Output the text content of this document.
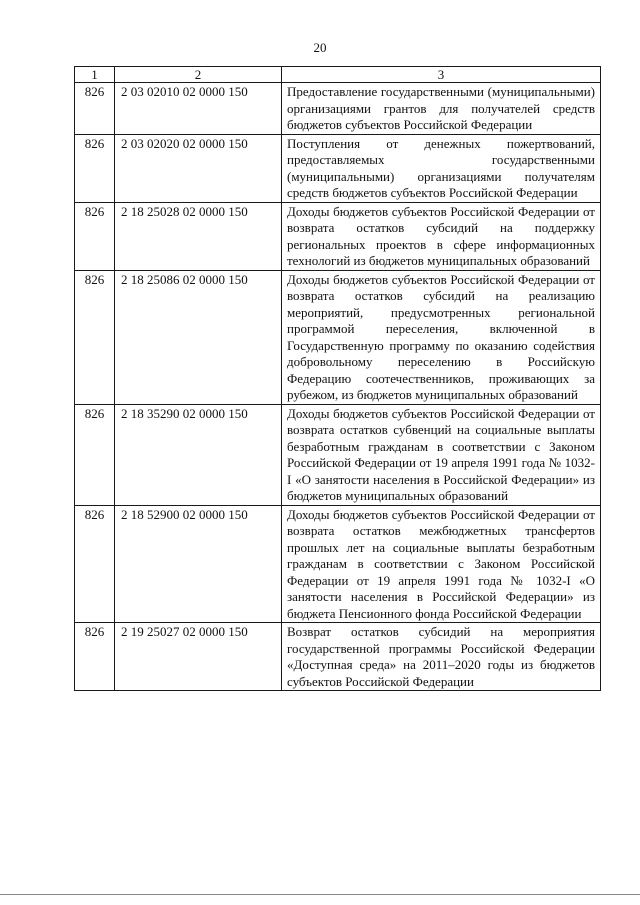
20
1	2	3
826	2 03 02010 02 0000 150	Предоставление государственными (муниципальными) организациями грантов для получателей средств бюджетов субъектов Российской Федерации
826	2 03 02020 02 0000 150	Поступления от денежных пожертвований, предоставляемых государственными (муниципальными) организациями получателям средств бюджетов субъектов Российской Федерации
826	2 18 25028 02 0000 150	Доходы бюджетов субъектов Российской Федерации от возврата остатков субсидий на поддержку региональных проектов в сфере информационных технологий из бюджетов муниципальных образований
826	2 18 25086 02 0000 150	Доходы бюджетов субъектов Российской Федерации от возврата остатков субсидий на реализацию мероприятий, предусмотренных региональной программой переселения, включенной в Государственную программу по оказанию содействия добровольному переселению в Российскую Федерацию соотечественников, проживающих за рубежом, из бюджетов муниципальных образований
826	2 18 35290 02 0000 150	Доходы бюджетов субъектов Российской Федерации от возврата остатков субвенций на социальные выплаты безработным гражданам в соответствии с Законом Российской Федерации от 19 апреля 1991 года № 1032-I «О занятости населения в Российской Федерации» из бюджетов муниципальных образований
826	2 18 52900 02 0000 150	Доходы бюджетов субъектов Российской Федерации от возврата остатков межбюджетных трансфертов прошлых лет на социальные выплаты безработным гражданам в соответствии с Законом Российской Федерации от 19 апреля 1991 года № 1032-I «О занятости населения в Российской Федерации» из бюджета Пенсионного фонда Российской Федерации
826	2 19 25027 02 0000 150	Возврат остатков субсидий на мероприятия государственной программы Российской Федерации «Доступная среда» на 2011–2020 годы из бюджетов субъектов Российской Федерации
